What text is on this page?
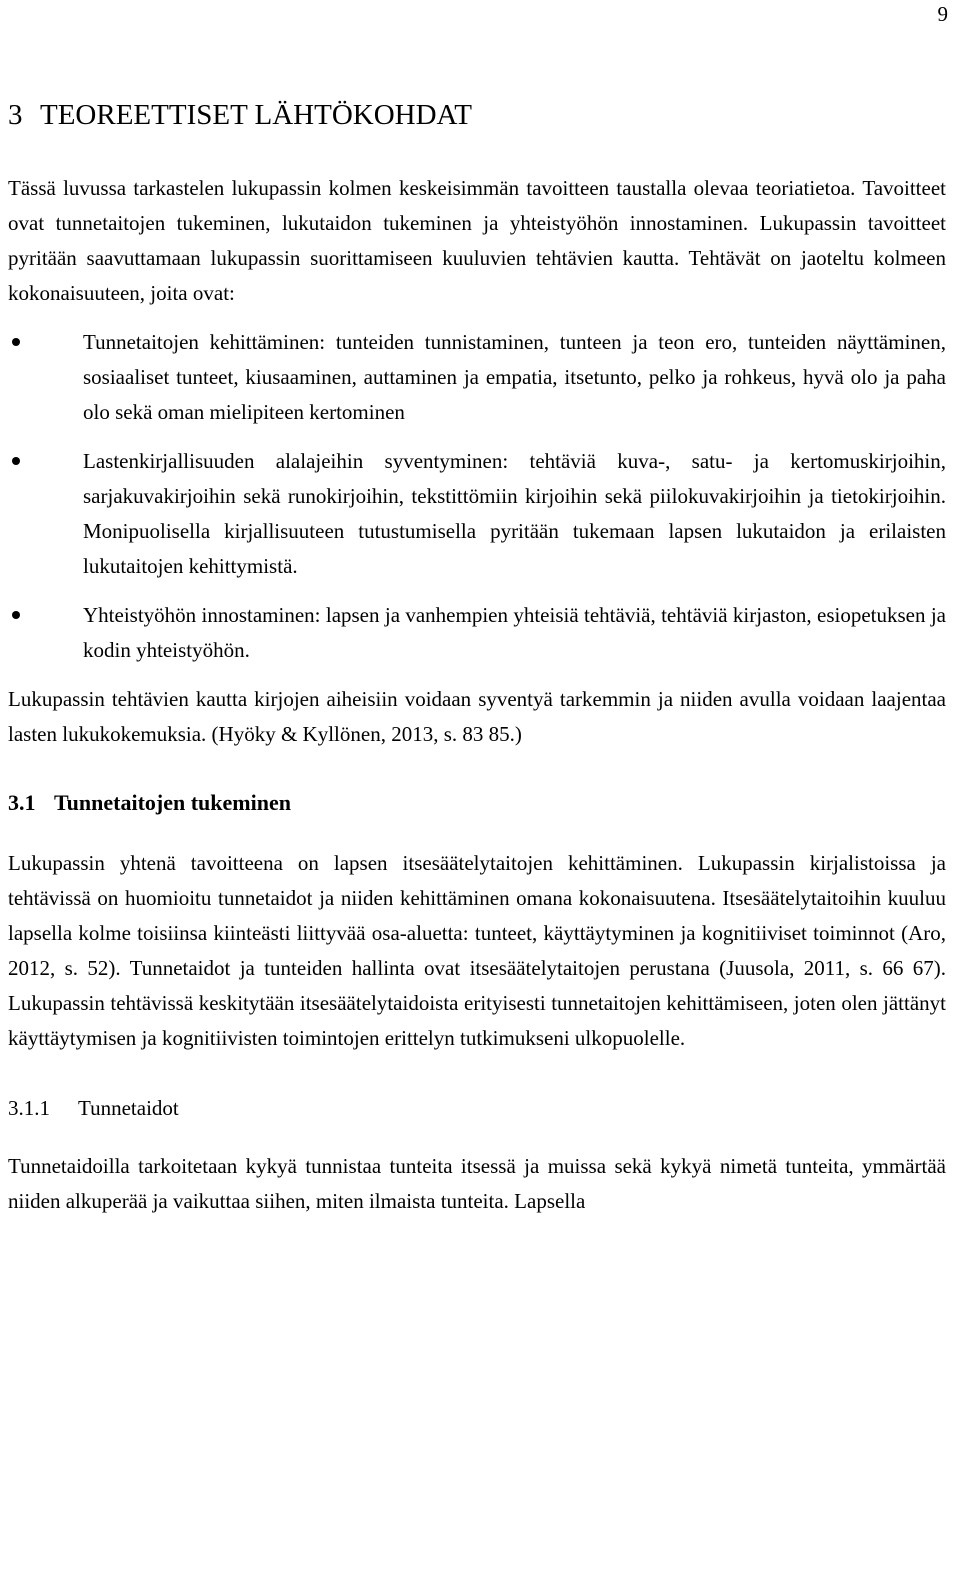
9
3 TEOREETTISET LÄHTÖKOHDAT

Tässä luvussa tarkastelen lukupassin kolmen keskeisimmän tavoitteen taustalla olevaa teoriatietoa. Tavoitteet ovat tunnetaitojen tukeminen, lukutaidon tukeminen ja yhteistyöhön innostaminen. Lukupassin tavoitteet pyritään saavuttamaan lukupassin suorittamiseen kuuluvien tehtävien kautta. Tehtävät on jaoteltu kolmeen kokonaisuuteen, joita ovat:

Tunnetaitojen kehittäminen: tunteiden tunnistaminen, tunteen ja teon ero, tunteiden näyttäminen, sosiaaliset tunteet, kiusaaminen, auttaminen ja empatia, itsetunto, pelko ja rohkeus, hyvä olo ja paha olo sekä oman mielipiteen kertominen

Lastenkirjallisuuden alalajeihin syventyminen: tehtäviä kuva-, satu- ja kertomuskirjoihin, sarjakuvakirjoihin sekä runokirjoihin, tekstittömiin kirjoihin sekä piilokuvakirjoihin ja tietokirjoihin. Monipuolisella kirjallisuuteen tutustumisella pyritään tukemaan lapsen lukutaidon ja erilaisten lukutaitojen kehittymistä.

Yhteistyöhön innostaminen: lapsen ja vanhempien yhteisiä tehtäviä, tehtäviä kirjaston, esiopetuksen ja kodin yhteistyöhön.

Lukupassin tehtävien kautta kirjojen aiheisiin voidaan syventyä tarkemmin ja niiden avulla voidaan laajentaa lasten lukukokemuksia. (Hyöky & Kyllönen, 2013, s. 83 85.)

3.1 Tunnetaitojen tukeminen

Lukupassin yhtenä tavoitteena on lapsen itsesäätelytaitojen kehittäminen. Lukupassin kirjalistoissa ja tehtävissä on huomioitu tunnetaidot ja niiden kehittäminen omana kokonaisuutena. Itsesäätelytaitoihin kuuluu lapsella kolme toisiinsa kiinteästi liittyvää osa-aluetta: tunteet, käyttäytyminen ja kognitiiviset toiminnot (Aro, 2012, s. 52). Tunnetaidot ja tunteiden hallinta ovat itsesäätelytaitojen perustana (Juusola, 2011, s. 66 67). Lukupassin tehtävissä keskitytään itsesäätelytaidoista erityisesti tunnetaitojen kehittämiseen, joten olen jättänyt käyttäytymisen ja kognitiivisten toimintojen erittelyn tutkimukseni ulkopuolelle.

3.1.1 Tunnetaidot

Tunnetaidoilla tarkoitetaan kykyä tunnistaa tunteita itsessä ja muissa sekä kykyä nimetä tunteita, ymmärtää niiden alkuperää ja vaikuttaa siihen, miten ilmaista tunteita. Lapsella
